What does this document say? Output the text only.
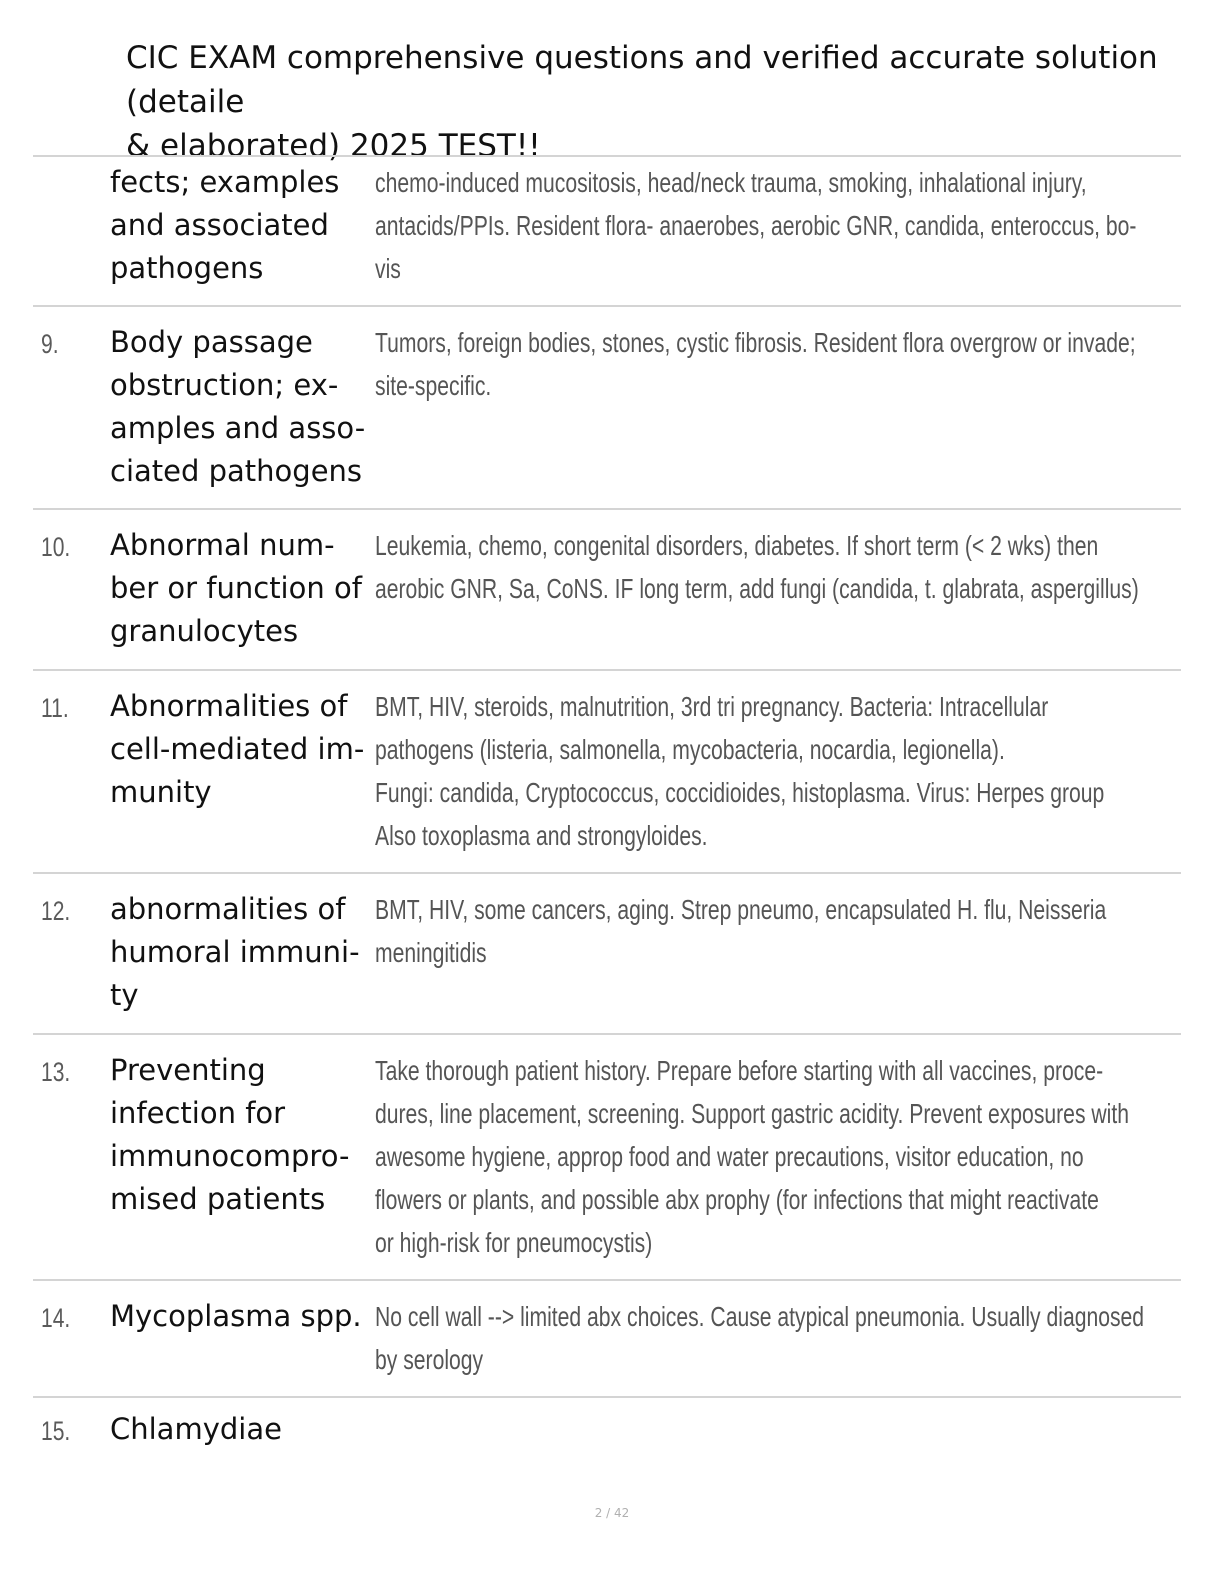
CIC EXAM comprehensive questions and verified accurate solution (detaile
& elaborated) 2025 TEST!!
fects; examples
and associated
pathogens
chemo-induced mucositosis, head/neck trauma, smoking, inhalational injury,
antacids/PPIs. Resident flora- anaerobes, aerobic GNR, candida, enteroccus, bo-
vis
9. Body passage
obstruction; ex-
amples and asso-
ciated pathogens
Tumors, foreign bodies, stones, cystic fibrosis. Resident flora overgrow or invade;
site-specific.
10. Abnormal num-
ber or function of
granulocytes
Leukemia, chemo, congenital disorders, diabetes. If short term (< 2 wks) then
aerobic GNR, Sa, CoNS. IF long term, add fungi (candida, t. glabrata, aspergillus)
11. Abnormalities of
cell-mediated im-
munity
BMT, HIV, steroids, malnutrition, 3rd tri pregnancy. Bacteria: Intracellular
pathogens (listeria, salmonella, mycobacteria, nocardia, legionella).
Fungi: candida, Cryptococcus, coccidioides, histoplasma. Virus: Herpes group
Also toxoplasma and strongyloides.
12. abnormalities of
humoral immuni-
ty
BMT, HIV, some cancers, aging. Strep pneumo, encapsulated H. flu, Neisseria
meningitidis
13. Preventing
infection for
immunocompro-
mised patients
Take thorough patient history. Prepare before starting with all vaccines, proce-
dures, line placement, screening. Support gastric acidity. Prevent exposures with
awesome hygiene, approp food and water precautions, visitor education, no
flowers or plants, and possible abx prophy (for infections that might reactivate
or high-risk for pneumocystis)
14. Mycoplasma spp. No cell wall --> limited abx choices. Cause atypical pneumonia. Usually diagnosed
by serology
15. Chlamydiae
2 / 42
